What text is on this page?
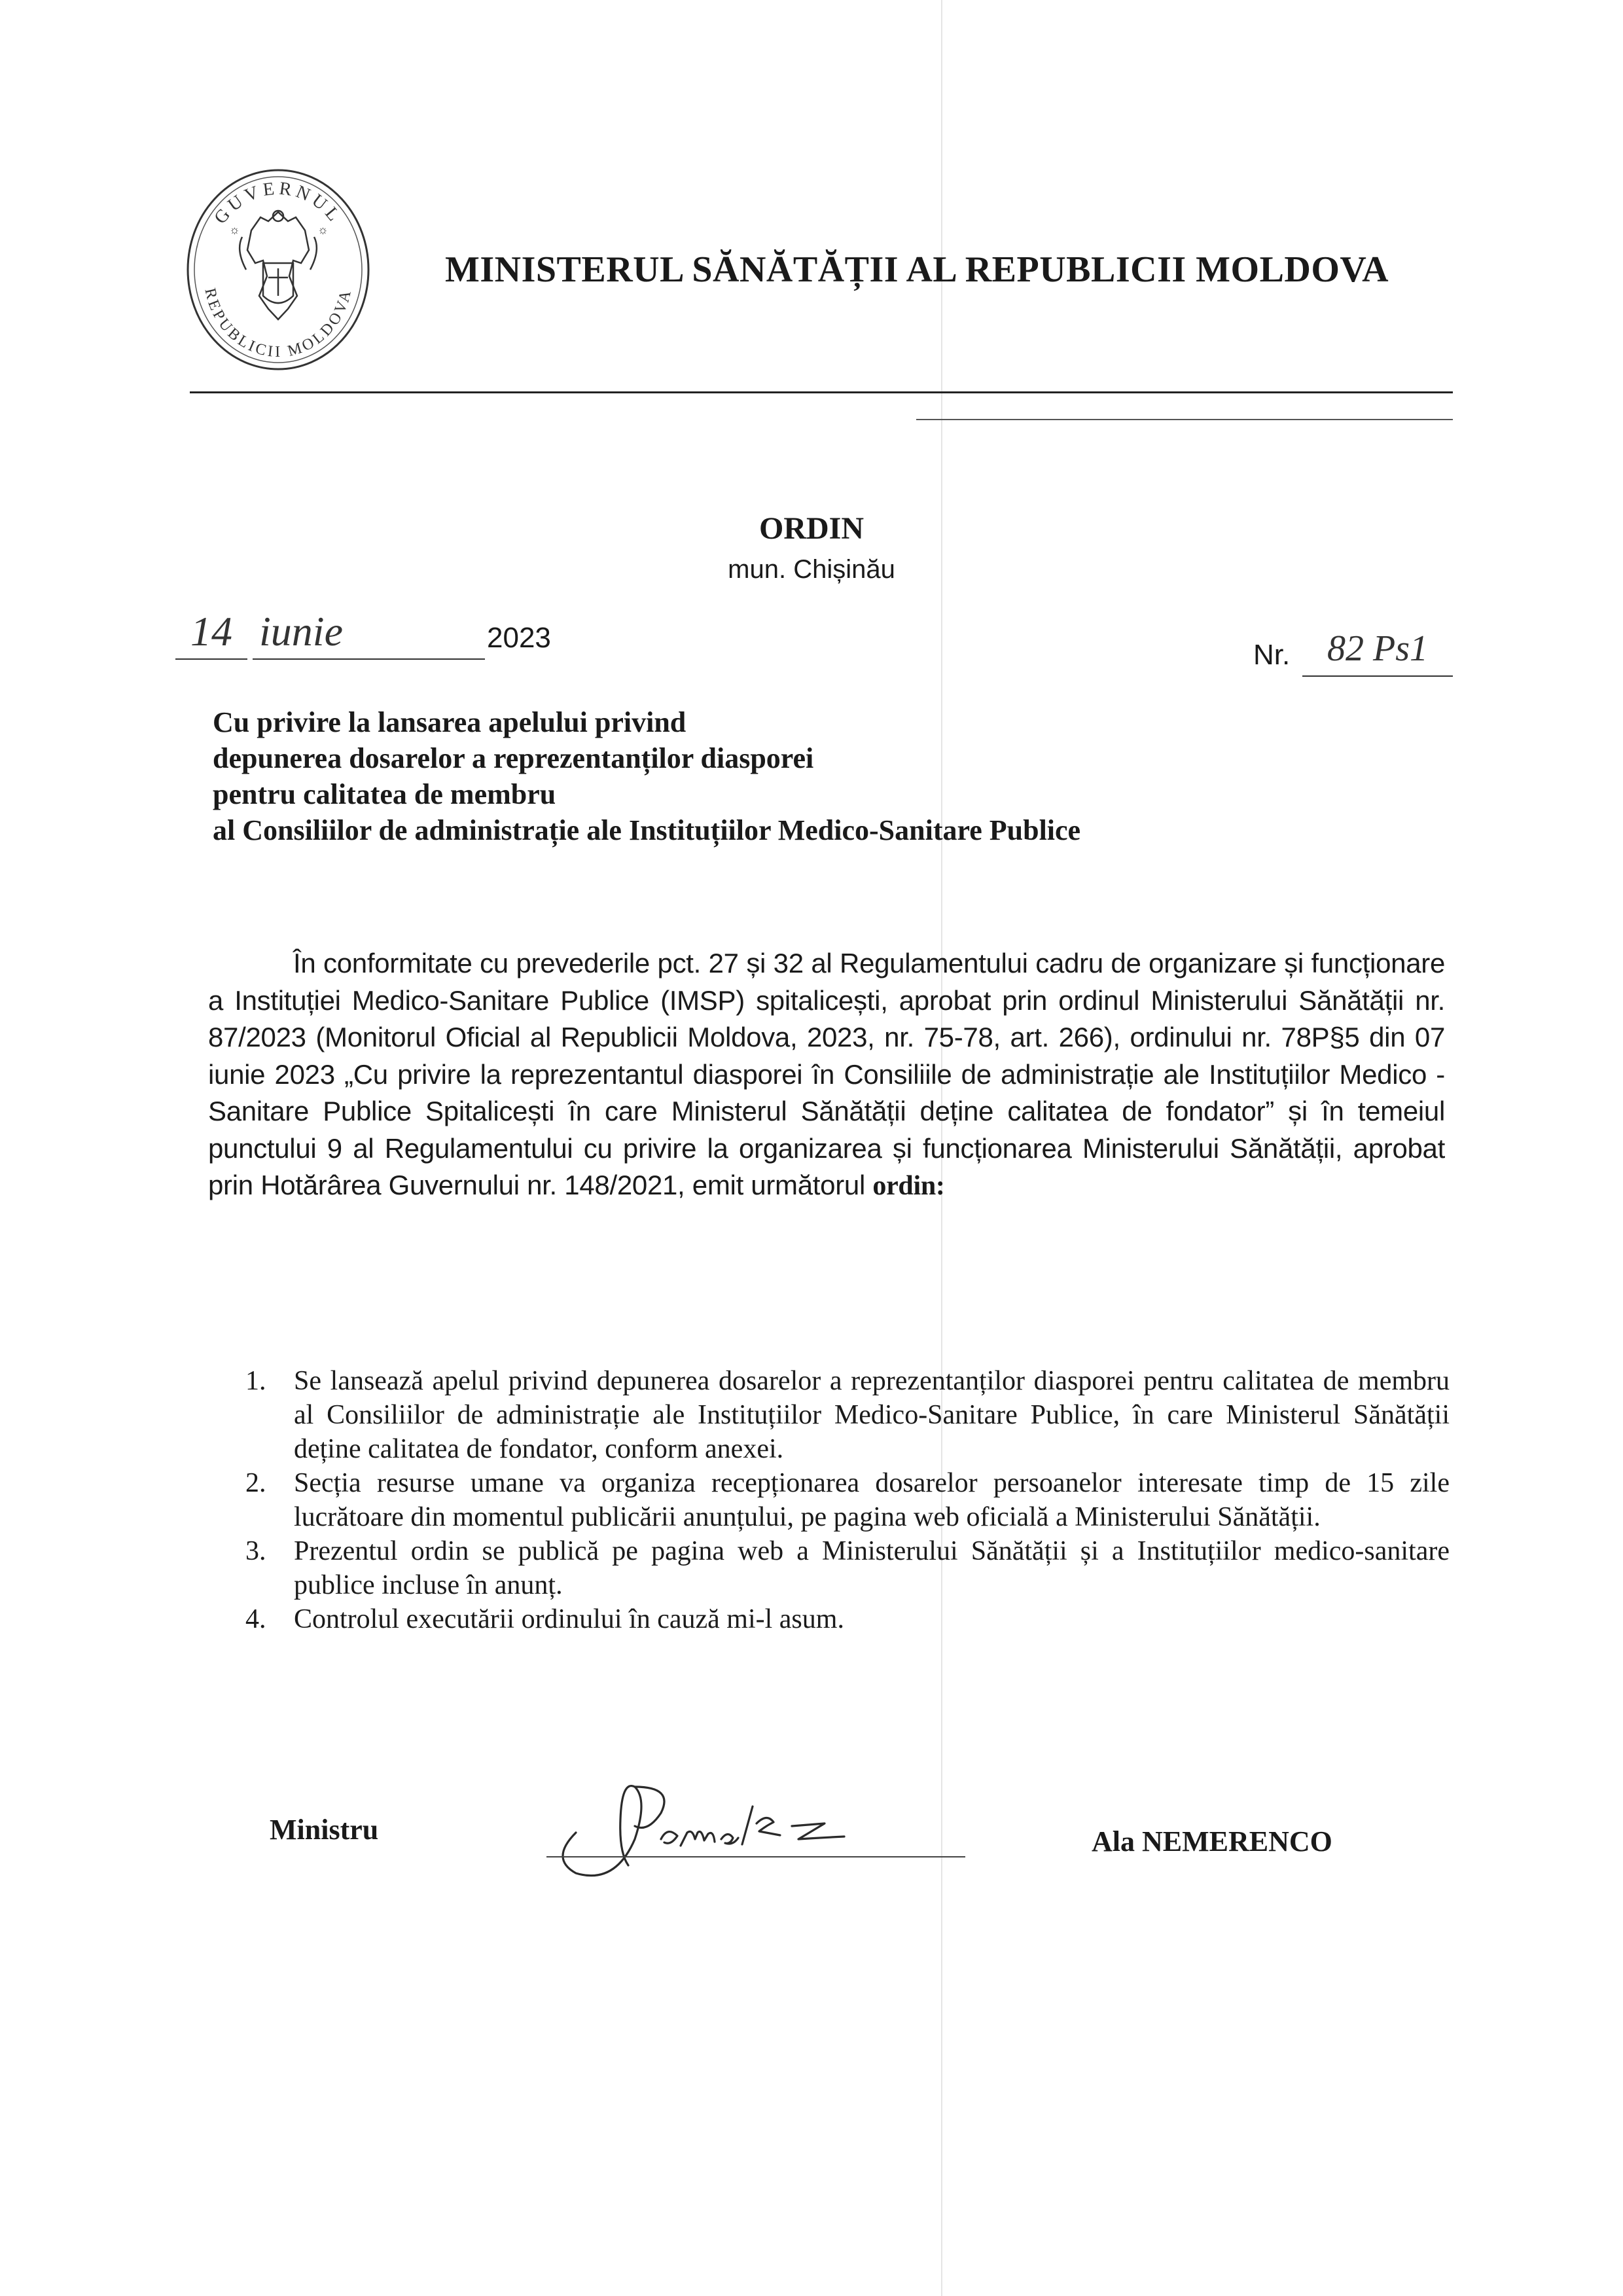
GUVERNUL
REPUBLICII MOLDOVA
☼	☼
MINISTERUL SĂNĂTĂȚII AL REPUBLICII MOLDOVA
ORDIN
mun. Chișinău
14 iunie	2023
Nr.	82 Ps1
Cu privire la lansarea apelului privind
depunerea dosarelor a reprezentanților diasporei
pentru calitatea de membru
al Consiliilor de administrație ale Instituțiilor Medico-Sanitare Publice
În conformitate cu prevederile pct. 27 și 32 al Regulamentului cadru de organizare și funcționare a Instituției Medico-Sanitare Publice (IMSP) spitalicești, aprobat prin ordinul Ministerului Sănătății nr. 87/2023 (Monitorul Oficial al Republicii Moldova, 2023, nr. 75-78, art. 266), ordinului nr. 78P§5 din 07 iunie 2023 „Cu privire la reprezentantul diasporei în Consiliile de administrație ale Instituțiilor Medico - Sanitare Publice Spitalicești în care Ministerul Sănătății deține calitatea de fondator” și în temeiul punctului 9 al Regulamentului cu privire la organizarea și funcționarea Ministerului Sănătății, aprobat prin Hotărârea Guvernului nr. 148/2021, emit următorul ordin:
1. Se lansează apelul privind depunerea dosarelor a reprezentanților diasporei pentru calitatea de membru al Consiliilor de administrație ale Instituțiilor Medico-Sanitare Publice, în care Ministerul Sănătății deține calitatea de fondator, conform anexei.
2. Secția resurse umane va organiza recepționarea dosarelor persoanelor interesate timp de 15 zile lucrătoare din momentul publicării anunțului, pe pagina web oficială a Ministerului Sănătății.
3. Prezentul ordin se publică pe pagina web a Ministerului Sănătății și a Instituțiilor medico-sanitare publice incluse în anunț.
4. Controlul executării ordinului în cauză mi-l asum.
Ministru	Ala NEMERENCO
